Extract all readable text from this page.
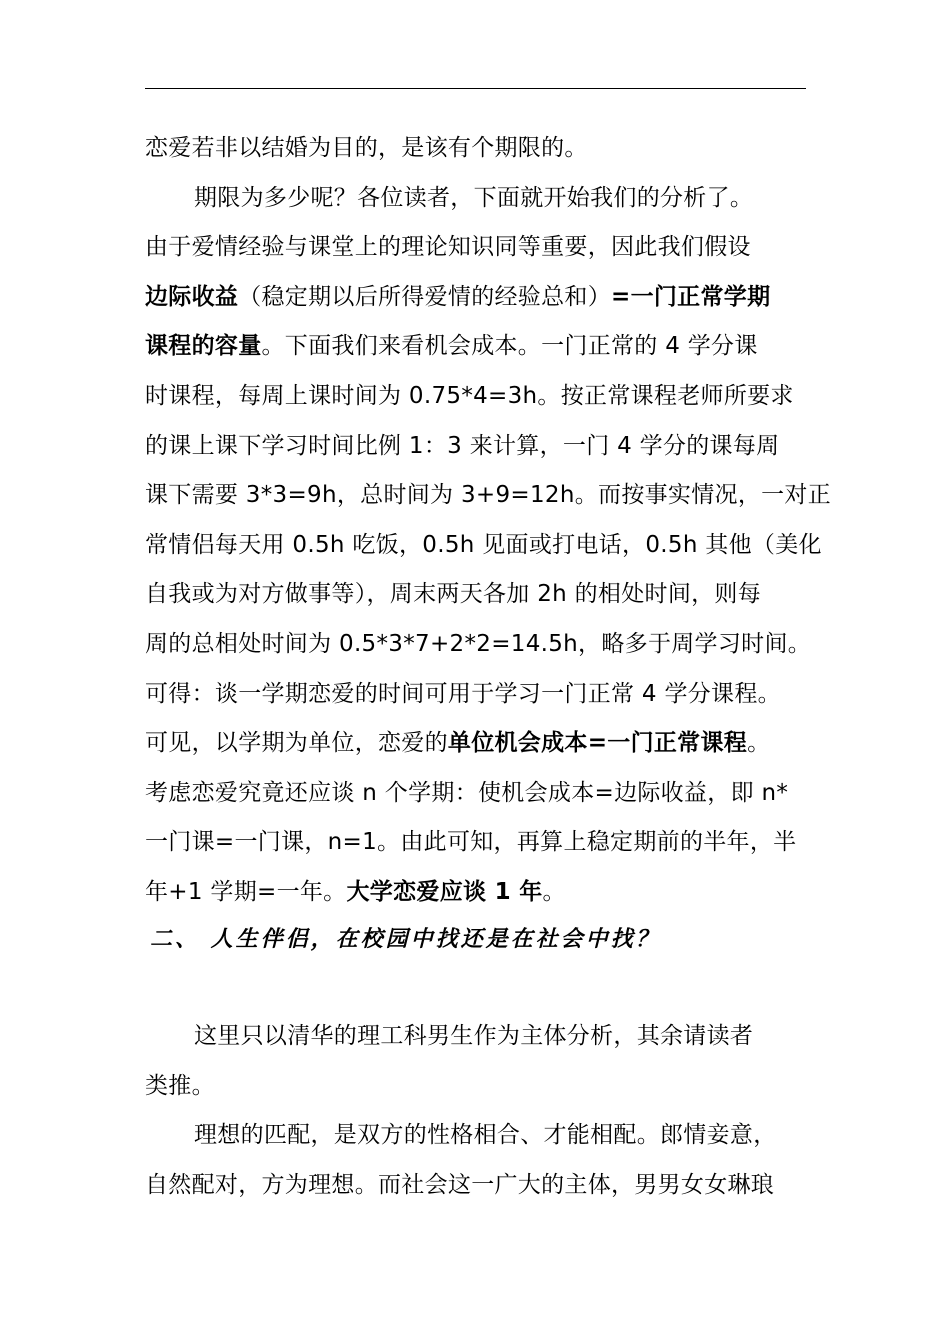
恋爱若非以结婚为目的，是该有个期限的。
期限为多少呢？各位读者，下面就开始我们的分析了。
由于爱情经验与课堂上的理论知识同等重要，因此我们假设
边际收益（稳定期以后所得爱情的经验总和）=一门正常学期
课程的容量。下面我们来看机会成本。一门正常的 4 学分课
时课程，每周上课时间为 0.75*4=3h。按正常课程老师所要求
的课上课下学习时间比例 1：3 来计算，一门 4 学分的课每周
课下需要 3*3=9h，总时间为 3+9=12h。而按事实情况，一对正
常情侣每天用 0.5h 吃饭，0.5h 见面或打电话，0.5h 其他（美化
自我或为对方做事等），周末两天各加 2h 的相处时间，则每
周的总相处时间为 0.5*3*7+2*2=14.5h，略多于周学习时间。
可得：谈一学期恋爱的时间可用于学习一门正常 4 学分课程。
可见，以学期为单位，恋爱的单位机会成本=一门正常课程。
考虑恋爱究竟还应谈 n 个学期：使机会成本=边际收益，即 n*
一门课=一门课，n=1。由此可知，再算上稳定期前的半年，半
年+1 学期=一年。大学恋爱应谈 1 年。
二、 人生伴侣，在校园中找还是在社会中找？
这里只以清华的理工科男生作为主体分析，其余请读者
类推。
理想的匹配，是双方的性格相合、才能相配。郎情妾意，
自然配对，方为理想。而社会这一广大的主体，男男女女琳琅
